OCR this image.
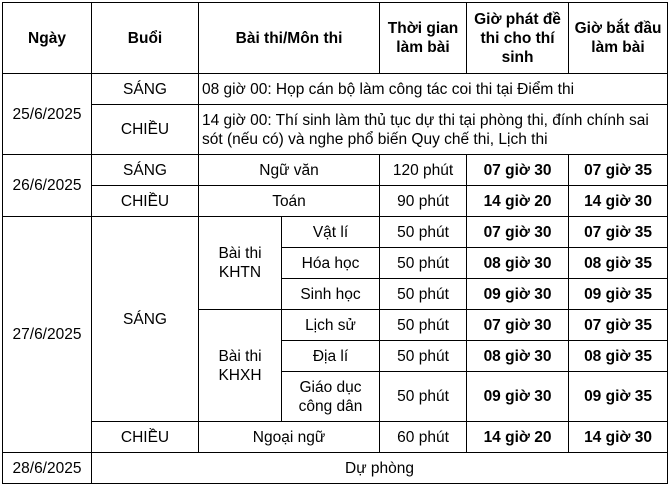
Ngày	Buổi	Bài thi/Môn thi		Thời gian làm bài	Giờ phát đề thi cho thí sinh	Giờ bắt đầu làm bài
25/6/2025	SÁNG	08 giờ 00: Họp cán bộ làm công tác coi thi tại Điểm thi				
	CHIỀU	14 giờ 00: Thí sinh làm thủ tục dự thi tại phòng thi, đính chính sai sót (nếu có) và nghe phổ biến Quy chế thi, Lịch thi				
26/6/2025	SÁNG	Ngữ văn		120 phút	07 giờ 30	07 giờ 35
	CHIỀU	Toán		90 phút	14 giờ 20	14 giờ 30
27/6/2025	SÁNG	Bài thi KHTN	Vật lí	50 phút	07 giờ 30	07 giờ 35
			Hóa học	50 phút	08 giờ 30	08 giờ 35
			Sinh học	50 phút	09 giờ 30	09 giờ 35
		Bài thi KHXH	Lịch sử	50 phút	07 giờ 30	07 giờ 35
			Địa lí	50 phút	08 giờ 30	08 giờ 35
			Giáo dục công dân	50 phút	09 giờ 30	09 giờ 35
	CHIỀU	Ngoại ngữ		60 phút	14 giờ 20	14 giờ 30
28/6/2025	Dự phòng					
